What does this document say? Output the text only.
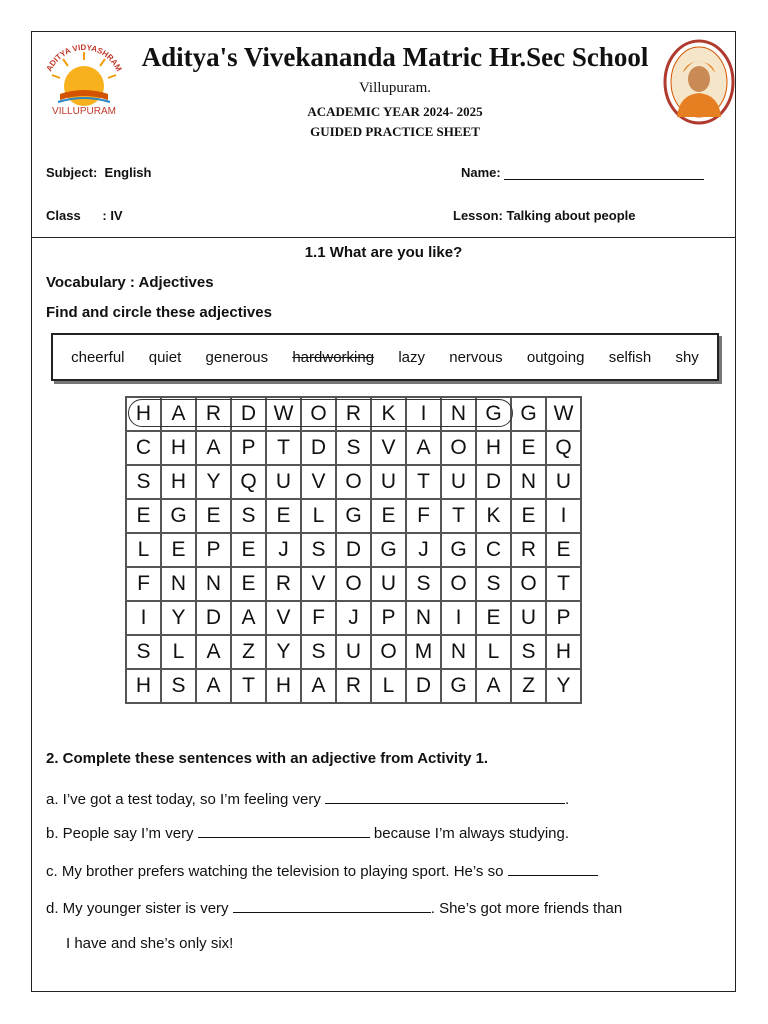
ADITYA VIDYASHRAM
VILLUPURAM
Aditya's Vivekananda Matric Hr.Sec School
Villupuram.
ACADEMIC YEAR 2024- 2025
GUIDED PRACTICE SHEET
Subject: English	Name:
Class : IV	Lesson: Talking about people
1.1 What are you like?
Vocabulary : Adjectives
Find and circle these adjectives
cheerful quiet generous hardworking lazy nervous outgoing selfish shy
H	A	R	D	W	O	R	K	I	N	G	G	W
C	H	A	P	T	D	S	V	A	O	H	E	Q
S	H	Y	Q	U	V	O	U	T	U	D	N	U
E	G	E	S	E	L	G	E	F	T	K	E	I
L	E	P	E	J	S	D	G	J	G	C	R	E
F	N	N	E	R	V	O	U	S	O	S	O	T
I	Y	D	A	V	F	J	P	N	I	E	U	P
S	L	A	Z	Y	S	U	O	M	N	L	S	H
H	S	A	T	H	A	R	L	D	G	A	Z	Y
2. Complete these sentences with an adjective from Activity 1.
a. I’ve got a test today, so I’m feeling very	.
b. People say I’m very	because I’m always studying.
c. My brother prefers watching the television to playing sport. He’s so
d. My younger sister is very	. She’s got more friends than
I have and she’s only six!
